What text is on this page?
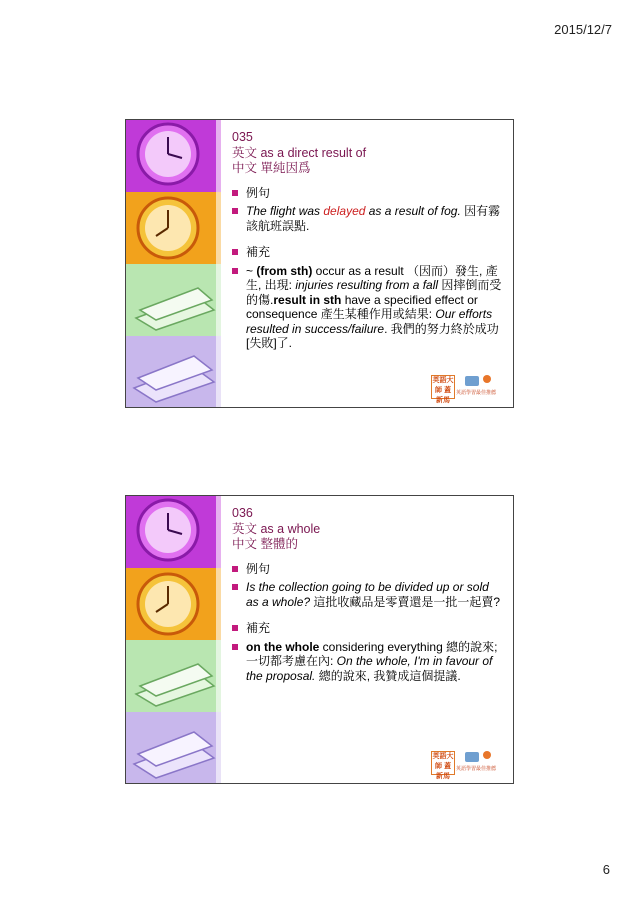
2015/12/7
035
英文 as a direct result of
中文 單純因爲
例句
The flight was delayed as a result of fog. 因有霧該航班誤點.
補充
~ (from sth) occur as a result （因而）發生, 產生, 出現: injuries resulting from a fall 因摔倒而受的傷.result in sth have a specified effect or consequence 產生某種作用或結果: Our efforts resulted in success/failure. 我們的努力終於成功[失敗]了.
英語大師 蓋新馬
英語學習最佳推薦
036
英文 as a whole
中文 整體的
例句
Is the collection going to be divided up or sold as a whole? 這批收藏品是零賣還是一批一起賣?
補充
on the whole considering everything 總的說來; 一切都考慮在內: On the whole, I'm in favour of the proposal. 總的說來, 我贊成這個提議.
英語大師 蓋新馬
英語學習最佳推薦
6
